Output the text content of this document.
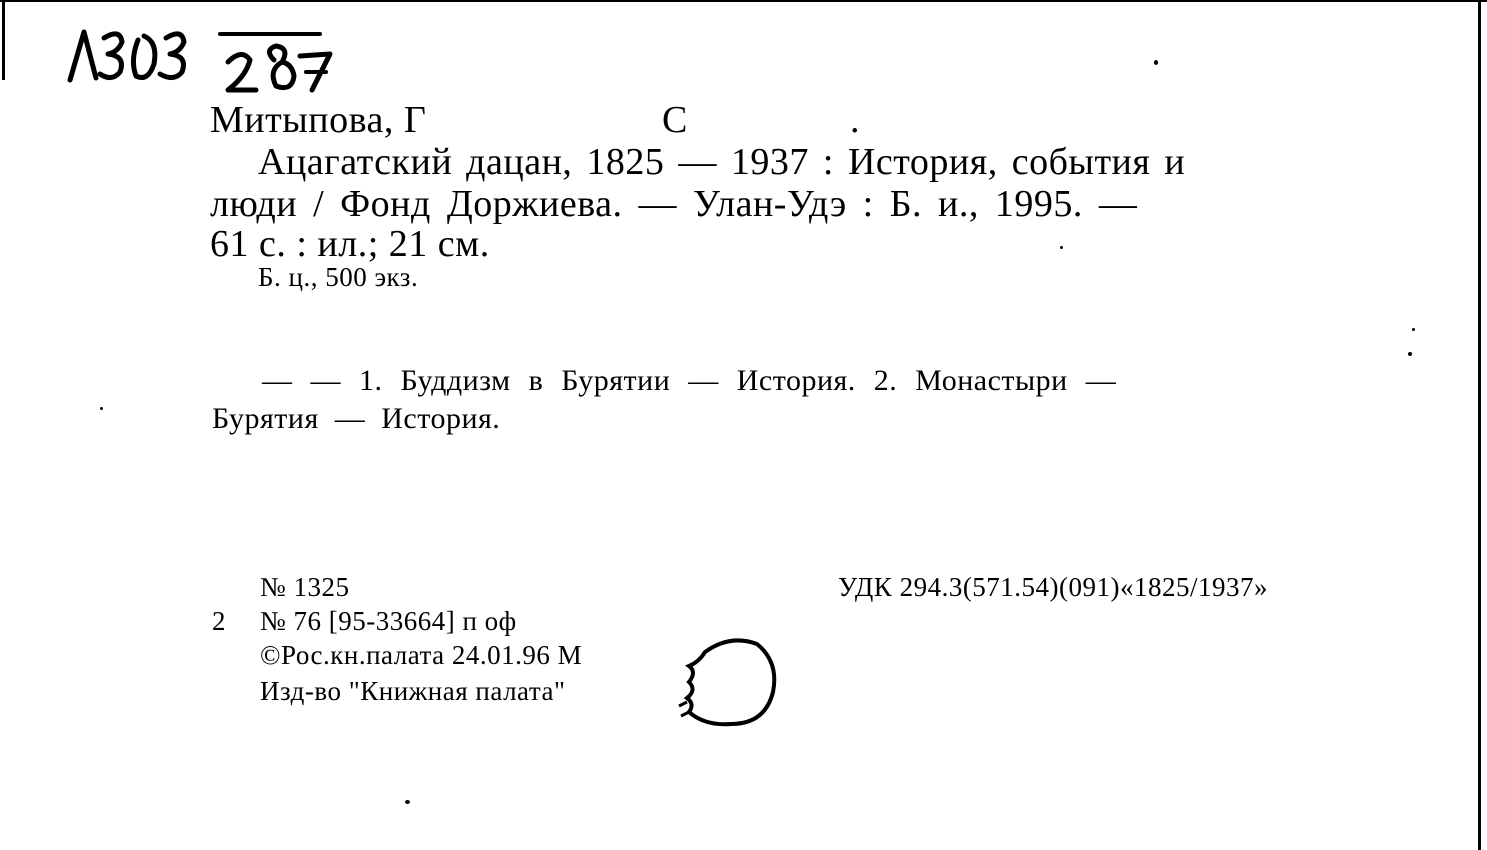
Митыпова, Г	С	.
Ацагатский дацан, 1825 — 1937 : История, события и
люди / Фонд Доржиева. — Улан-Удэ : Б. и., 1995. —
61 с. : ил.; 21 см.
Б. ц., 500 экз.
— — 1. Буддизм в Бурятии — История. 2. Монастыри —
Бурятия — История.
№ 1325	УДК 294.3(571.54)(091)«1825/1937»
2 № 76 [95-33664] п оф
©Рос.кн.палата 24.01.96 М
Изд-во "Книжная палата"
